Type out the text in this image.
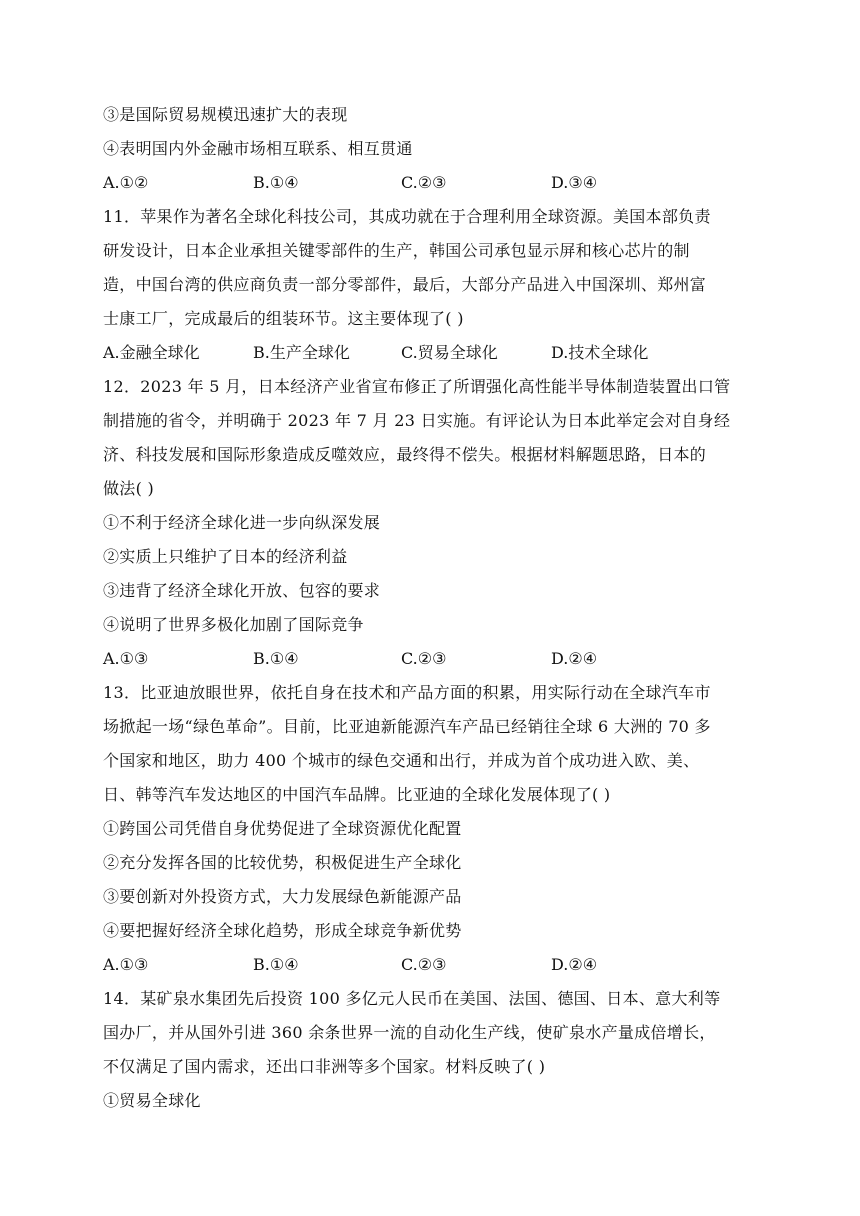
③是国际贸易规模迅速扩大的表现
④表明国内外金融市场相互联系、相互贯通
A.①②	B.①④	C.②③	D.③④
11．苹果作为著名全球化科技公司，其成功就在于合理利用全球资源。美国本部负责
研发设计，日本企业承担关键零部件的生产，韩国公司承包显示屏和核心芯片的制
造，中国台湾的供应商负责一部分零部件，最后，大部分产品进入中国深圳、郑州富
士康工厂，完成最后的组装环节。这主要体现了( )
A.金融全球化	B.生产全球化	C.贸易全球化	D.技术全球化
12．2023 年 5 月，日本经济产业省宣布修正了所谓强化高性能半导体制造装置出口管
制措施的省令，并明确于 2023 年 7 月 23 日实施。有评论认为日本此举定会对自身经
济、科技发展和国际形象造成反噬效应，最终得不偿失。根据材料解题思路，日本的
做法( )
①不利于经济全球化进一步向纵深发展
②实质上只维护了日本的经济利益
③违背了经济全球化开放、包容的要求
④说明了世界多极化加剧了国际竞争
A.①③	B.①④	C.②③	D.②④
13．比亚迪放眼世界，依托自身在技术和产品方面的积累，用实际行动在全球汽车市
场掀起一场“绿色革命”。目前，比亚迪新能源汽车产品已经销往全球 6 大洲的 70 多
个国家和地区，助力 400 个城市的绿色交通和出行，并成为首个成功进入欧、美、
日、韩等汽车发达地区的中国汽车品牌。比亚迪的全球化发展体现了( )
①跨国公司凭借自身优势促进了全球资源优化配置
②充分发挥各国的比较优势，积极促进生产全球化
③要创新对外投资方式，大力发展绿色新能源产品
④要把握好经济全球化趋势，形成全球竞争新优势
A.①③	B.①④	C.②③	D.②④
14．某矿泉水集团先后投资 100 多亿元人民币在美国、法国、德国、日本、意大利等
国办厂，并从国外引进 360 余条世界一流的自动化生产线，使矿泉水产量成倍增长，
不仅满足了国内需求，还出口非洲等多个国家。材料反映了( )
①贸易全球化
